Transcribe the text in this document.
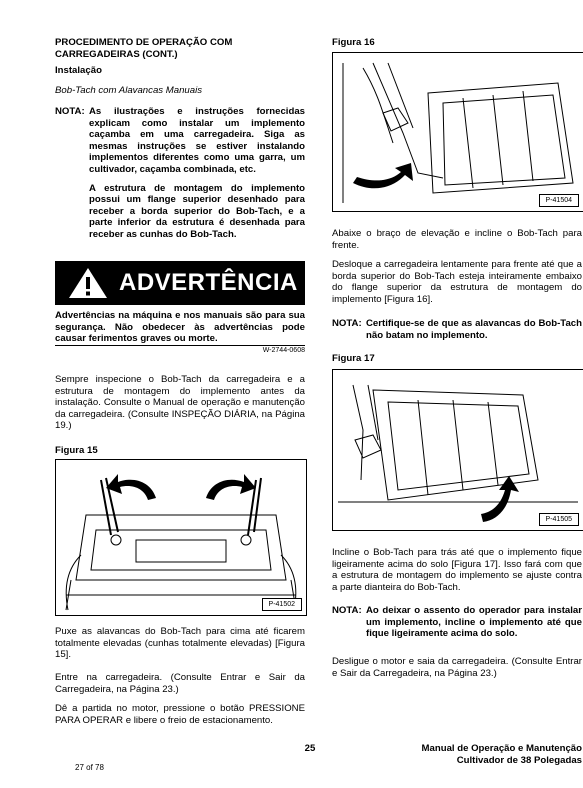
PROCEDIMENTO DE OPERAÇÃO COM
CARREGADEIRAS (CONT.)
Instalação
Bob-Tach com Alavancas Manuais
NOTA: As ilustrações e instruções fornecidas explicam como instalar um implemento caçamba em uma carregadeira. Siga as mesmas instruções se estiver instalando implementos diferentes como uma garra, um cultivador, caçamba combinada, etc.
A estrutura de montagem do implemento possui um flange superior desenhado para receber a borda superior do Bob-Tach, e a parte inferior da estrutura é desenhada para receber as cunhas do Bob-Tach.
ADVERTÊNCIA
Advertências na máquina e nos manuais são para sua segurança. Não obedecer às advertências pode causar ferimentos graves ou morte.
W-2744-0608
Sempre inspecione o Bob-Tach da carregadeira e a estrutura de montagem do implemento antes da instalação. Consulte o Manual de operação e manutenção da carregadeira. (Consulte INSPEÇÃO DIÁRIA, na Página 19.)
Figura 15
P-41502
Puxe as alavancas do Bob-Tach para cima até ficarem totalmente elevadas (cunhas totalmente elevadas) [Figura 15].
Entre na carregadeira. (Consulte Entrar e Sair da Carregadeira, na Página 23.)
Dê a partida no motor, pressione o botão PRESSIONE PARA OPERAR e libere o freio de estacionamento.
Figura 16
P-41504
Abaixe o braço de elevação e incline o Bob-Tach para frente.
Desloque a carregadeira lentamente para frente até que a borda superior do Bob-Tach esteja inteiramente embaixo do flange superior da estrutura de montagem do implemento [Figura 16].
NOTA: Certifique-se de que as alavancas do Bob-Tach não batam no implemento.
Figura 17
P-41505
Incline o Bob-Tach para trás até que o implemento fique ligeiramente acima do solo [Figura 17]. Isso fará com que a estrutura de montagem do implemento se ajuste contra a parte dianteira do Bob-Tach.
NOTA: Ao deixar o assento do operador para instalar um implemento, incline o implemento até que fique ligeiramente acima do solo.
Desligue o motor e saia da carregadeira. (Consulte Entrar e Sair da Carregadeira, na Página 23.)
25	Manual de Operação e Manutenção
Cultivador de 38 Polegadas
27 of 78
